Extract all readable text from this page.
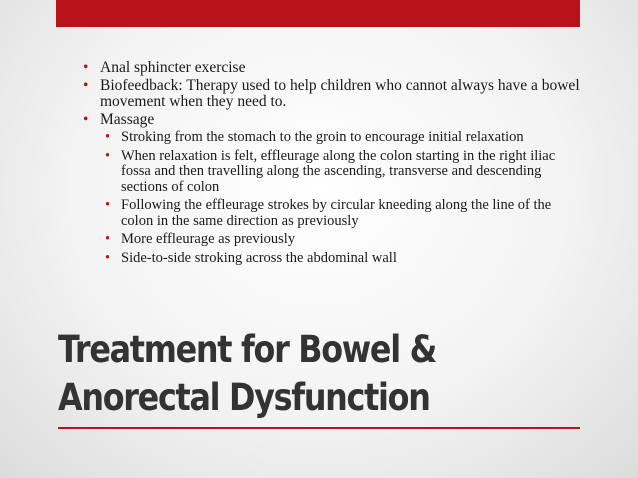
• Anal sphincter exercise
• Biofeedback: Therapy used to help children who cannot always have a bowel movement when they need to.
• Massage
• Stroking from the stomach to the groin to encourage initial relaxation
• When relaxation is felt, effleurage along the colon starting in the right iliac fossa and then travelling along the ascending, transverse and descending sections of colon
• Following the effleurage strokes by circular kneeding along the line of the colon in the same direction as previously
• More effleurage as previously
• Side-to-side stroking across the abdominal wall
Treatment for Bowel &
Anorectal Dysfunction
